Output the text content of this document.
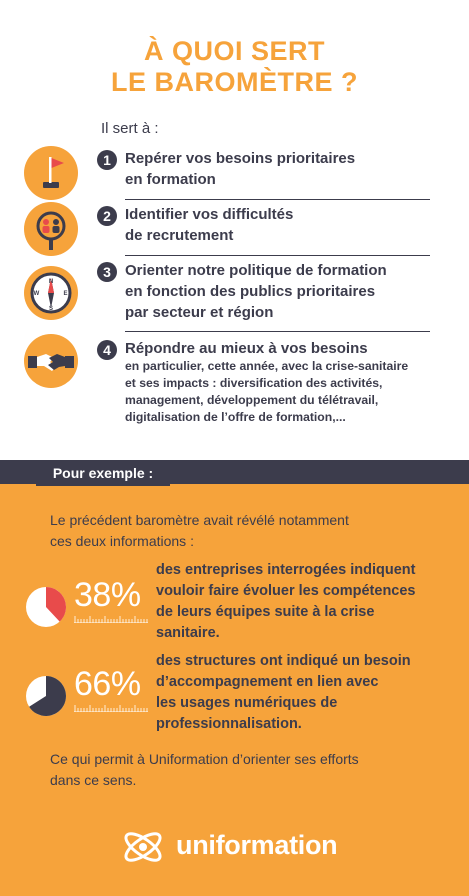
À QUOI SERT
LE BAROMÈTRE ?
Il sert à :
1 Repérer vos besoins prioritaires
en formation
2 Identifier vos difficultés
de recrutement
N
W	E
S
3 Orienter notre politique de formation
en fonction des publics prioritaires
par secteur et région
4 Répondre au mieux à vos besoins
en particulier, cette année, avec la crise-sanitaire
et ses impacts : diversification des activités,
management, développement du télétravail,
digitalisation de l’offre de formation,...
Pour exemple :
Le précédent baromètre avait révélé notamment
ces deux informations :
38%
des entreprises interrogées indiquent
vouloir faire évoluer les compétences
de leurs équipes suite à la crise
sanitaire.
66%
des structures ont indiqué un besoin
d’accompagnement en lien avec
les usages numériques de
professionnalisation.
Ce qui permit à Uniformation d’orienter ses efforts
dans ce sens.
uniformation
